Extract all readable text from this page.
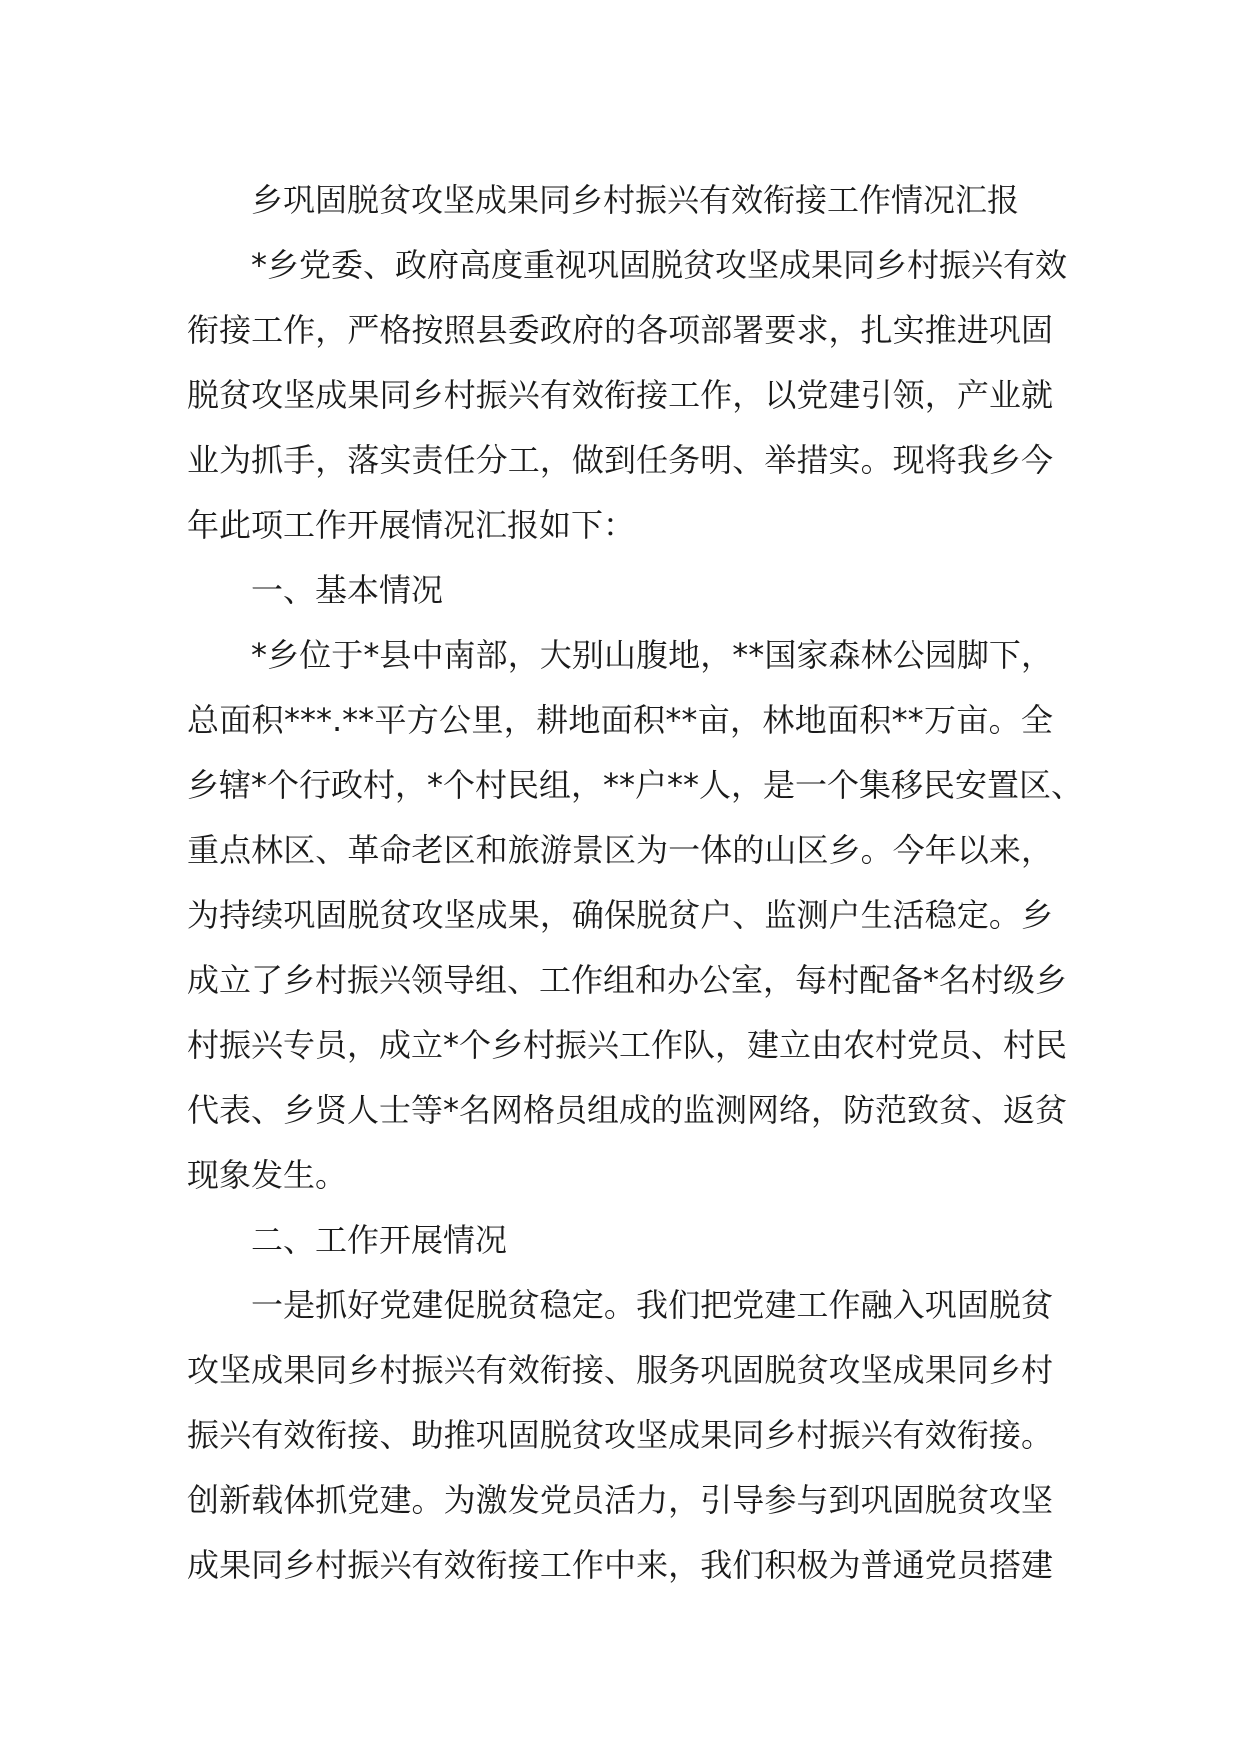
乡巩固脱贫攻坚成果同乡村振兴有效衔接工作情况汇报
*乡党委、政府高度重视巩固脱贫攻坚成果同乡村振兴有效
衔接工作，严格按照县委政府的各项部署要求，扎实推进巩固
脱贫攻坚成果同乡村振兴有效衔接工作，以党建引领，产业就
业为抓手，落实责任分工，做到任务明、举措实。现将我乡今
年此项工作开展情况汇报如下：
一、基本情况
*乡位于*县中南部，大别山腹地，**国家森林公园脚下，
总面积***.**平方公里，耕地面积**亩，林地面积**万亩。全
乡辖*个行政村，*个村民组，**户**人，是一个集移民安置区、
重点林区、革命老区和旅游景区为一体的山区乡。今年以来，
为持续巩固脱贫攻坚成果，确保脱贫户、监测户生活稳定。乡
成立了乡村振兴领导组、工作组和办公室，每村配备*名村级乡
村振兴专员，成立*个乡村振兴工作队，建立由农村党员、村民
代表、乡贤人士等*名网格员组成的监测网络，防范致贫、返贫
现象发生。
二、工作开展情况
一是抓好党建促脱贫稳定。我们把党建工作融入巩固脱贫
攻坚成果同乡村振兴有效衔接、服务巩固脱贫攻坚成果同乡村
振兴有效衔接、助推巩固脱贫攻坚成果同乡村振兴有效衔接。
创新载体抓党建。为激发党员活力，引导参与到巩固脱贫攻坚
成果同乡村振兴有效衔接工作中来，我们积极为普通党员搭建
